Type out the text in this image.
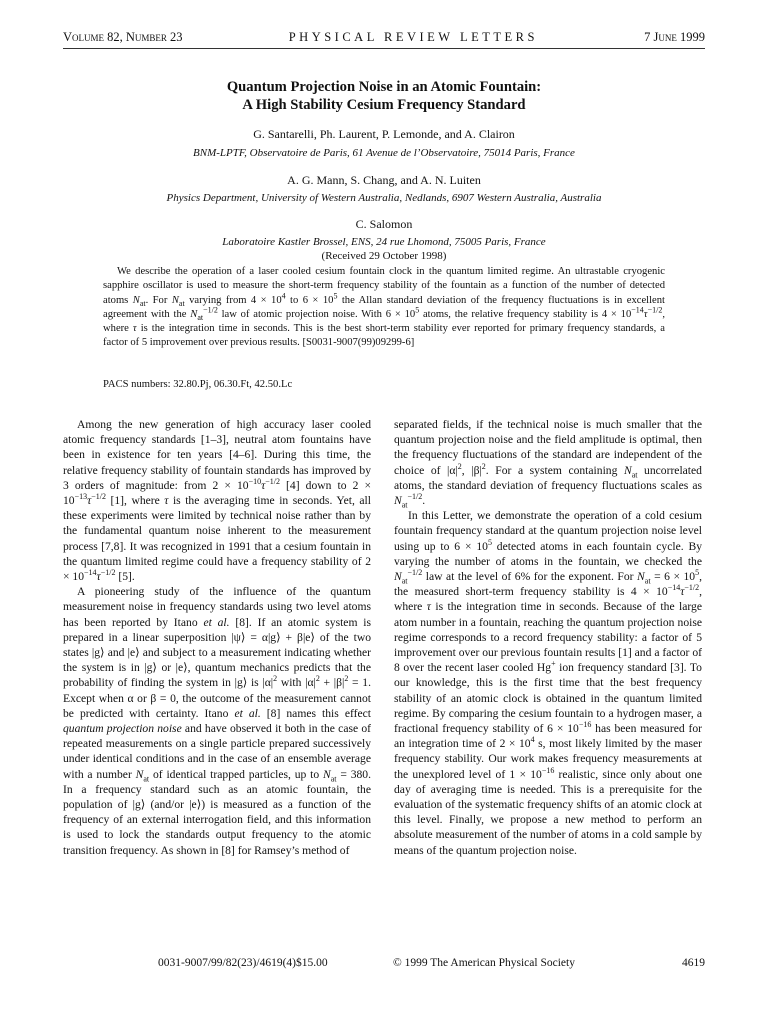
Volume 82, Number 23	PHYSICAL REVIEW LETTERS	7 June 1999
Quantum Projection Noise in an Atomic Fountain:
A High Stability Cesium Frequency Standard
G. Santarelli, Ph. Laurent, P. Lemonde, and A. Clairon
BNM-LPTF, Observatoire de Paris, 61 Avenue de l’Observatoire, 75014 Paris, France
A. G. Mann, S. Chang, and A. N. Luiten
Physics Department, University of Western Australia, Nedlands, 6907 Western Australia, Australia
C. Salomon
Laboratoire Kastler Brossel, ENS, 24 rue Lhomond, 75005 Paris, France
(Received 29 October 1998)
We describe the operation of a laser cooled cesium fountain clock in the quantum limited regime. An ultrastable cryogenic sapphire oscillator is used to measure the short-term frequency stability of the fountain as a function of the number of detected atoms $N_{at}$. For $N_{at}$ varying from $4 \times 10^4$ to $6 \times 10^5$ the Allan standard deviation of the frequency fluctuations is in excellent agreement with the $N_{at}^{-1/2}$ law of atomic projection noise. With $6 \times 10^5$ atoms, the relative frequency stability is $4 \times 10^{-14}\tau^{-1/2}$, where τ is the integration time in seconds. This is the best short-term stability ever reported for primary frequency standards, a factor of 5 improvement over previous results. [S0031-9007(99)09299-6]
PACS numbers: 32.80.Pj, 06.30.Ft, 42.50.Lc

Among the new generation of high accuracy laser cooled atomic frequency standards [1–3], neutral atom fountains have been in existence for ten years [4–6]. During this time, the relative frequency stability of fountain standards has improved by 3 orders of magnitude: from $2 \times 10^{-10}\tau^{-1/2}$ [4] down to $2 \times 10^{-13}\tau^{-1/2}$ [1], where τ is the averaging time in seconds. Yet, all these experiments were limited by technical noise rather than by the fundamental quantum noise inherent to the measurement process [7,8]. It was recognized in 1991 that a cesium fountain in the quantum limited regime could have a frequency stability of $2 \times 10^{-14}\tau^{-1/2}$ [5].

A pioneering study of the influence of the quantum measurement noise in frequency standards using two level atoms has been reported by Itano et al. [8]. If an atomic system is prepared in a linear superposition |ψ⟩ = α|g⟩ + β|e⟩ of the two states |g⟩ and |e⟩ and subject to a measurement indicating whether the system is in |g⟩ or |e⟩, quantum mechanics predicts that the probability of finding the system in |g⟩ is $|\alpha|^2$ with $|\alpha|^2 + |\beta|^2 = 1$. Except when α or β = 0, the outcome of the measurement cannot be predicted with certainty. Itano et al. [8] names this effect quantum projection noise and have observed it both in the case of repeated measurements on a single particle prepared successively under identical conditions and in the case of an ensemble average with a number $N_{at}$ of identical trapped particles, up to $N_{at} = 380$. In a frequency standard such as an atomic fountain, the population of |g⟩ (and/or |e⟩) is measured as a function of the frequency of an external interrogation field, and this information is used to lock the standards output frequency to the atomic transition frequency. As shown in [8] for Ramsey’s method of

separated fields, if the technical noise is much smaller that the quantum projection noise and the field amplitude is optimal, then the frequency fluctuations of the standard are independent of the choice of $|\alpha|^2$, $|\beta|^2$. For a system containing $N_{at}$ uncorrelated atoms, the standard deviation of frequency fluctuations scales as $N_{at}^{-1/2}$.

In this Letter, we demonstrate the operation of a cold cesium fountain frequency standard at the quantum projection noise level using up to $6 \times 10^5$ detected atoms in each fountain cycle. By varying the number of atoms in the fountain, we checked the $N_{at}^{-1/2}$ law at the level of 6% for the exponent. For $N_{at} = 6 \times 10^5$, the measured short-term frequency stability is $4 \times 10^{-14}\tau^{-1/2}$, where τ is the integration time in seconds. Because of the large atom number in a fountain, reaching the quantum projection noise regime corresponds to a record frequency stability: a factor of 5 improvement over our previous fountain results [1] and a factor of 8 over the recent laser cooled Hg+ ion frequency standard [3]. To our knowledge, this is the first time that the best frequency stability of an atomic clock is obtained in the quantum limited regime. By comparing the cesium fountain to a hydrogen maser, a fractional frequency stability of $6 \times 10^{-16}$ has been measured for an integration time of $2 \times 10^4$ s, most likely limited by the maser frequency stability. Our work makes frequency measurements at the unexplored level of $1 \times 10^{-16}$ realistic, since only about one day of averaging time is needed. This is a prerequisite for the evaluation of the systematic frequency shifts of an atomic clock at this level. Finally, we propose a new method to perform an absolute measurement of the number of atoms in a cold sample by means of the quantum projection noise.

0031-9007/99/82(23)/4619(4)$15.00	© 1999 The American Physical Society	4619
